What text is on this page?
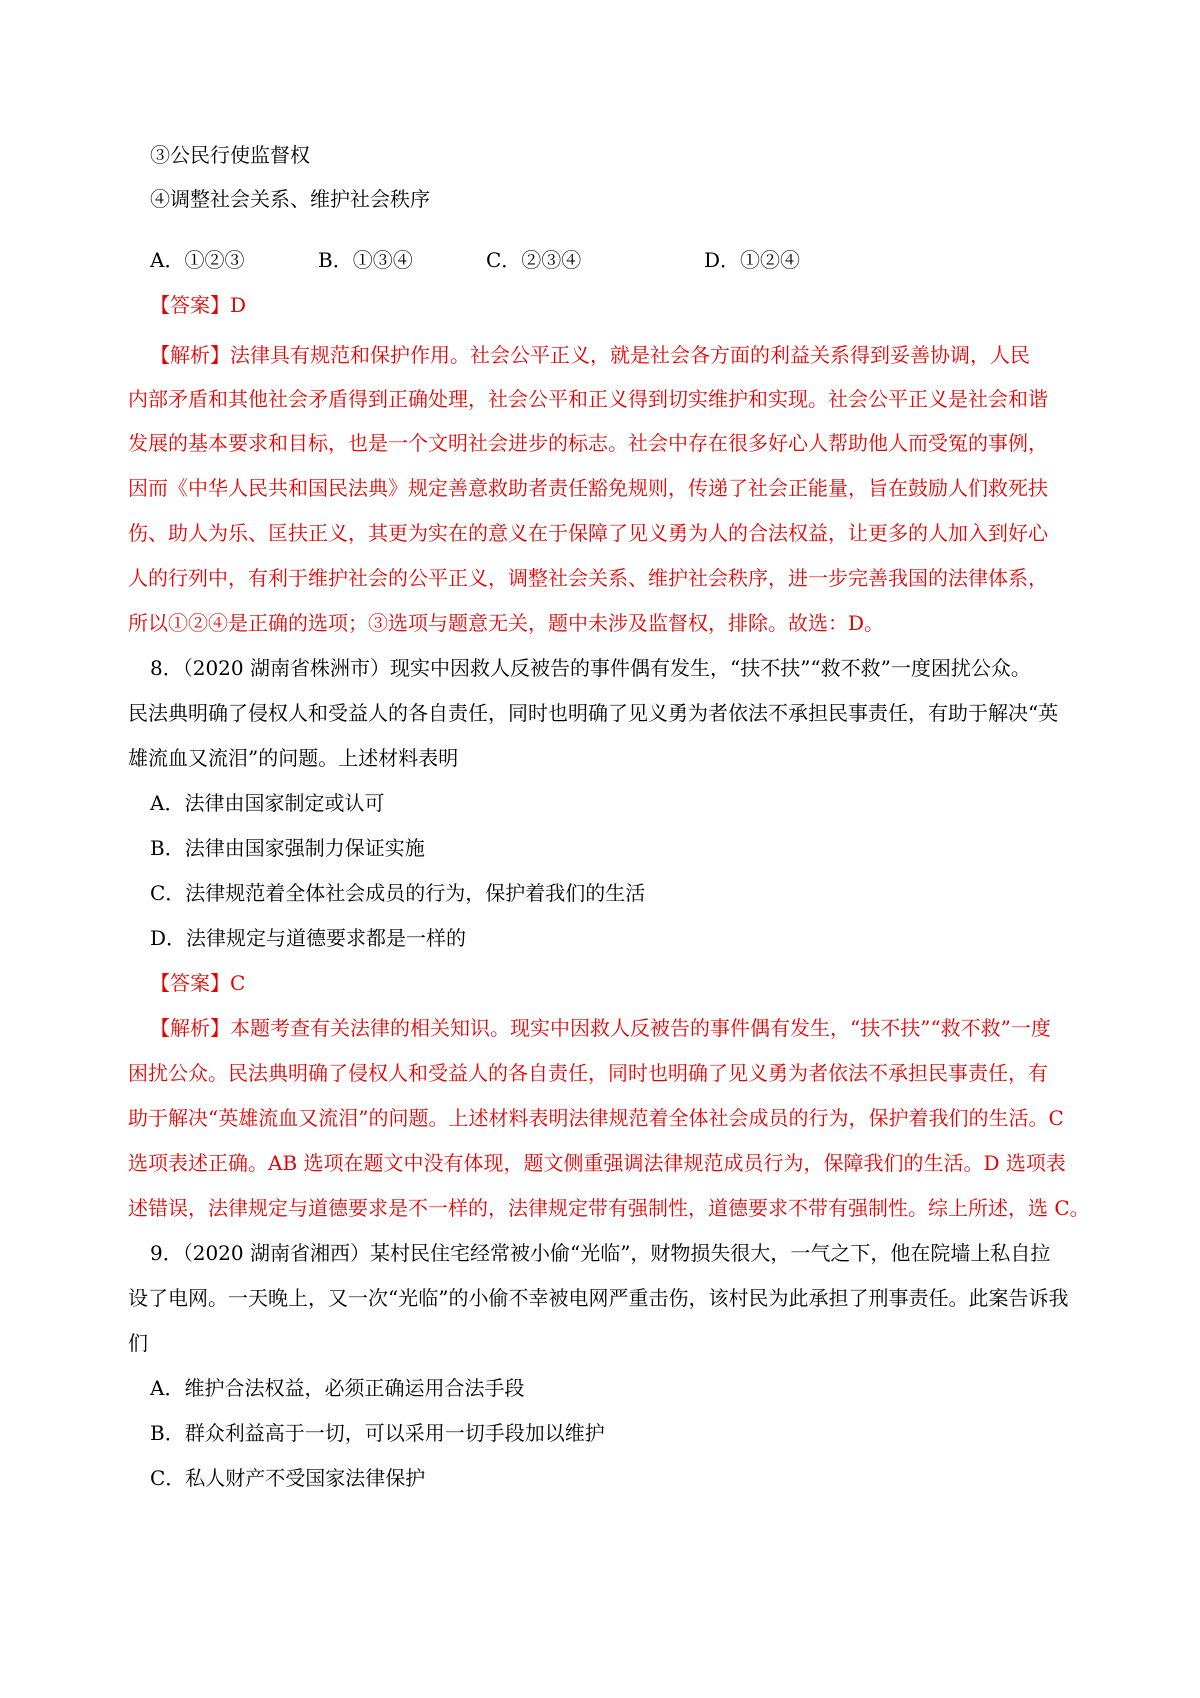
③公民行使监督权
④调整社会关系、维护社会秩序
A．①②③	B．①③④	C．②③④	D．①②④
【答案】D
【解析】法律具有规范和保护作用。社会公平正义，就是社会各方面的利益关系得到妥善协调，人民
内部矛盾和其他社会矛盾得到正确处理，社会公平和正义得到切实维护和实现。社会公平正义是社会和谐
发展的基本要求和目标，也是一个文明社会进步的标志。社会中存在很多好心人帮助他人而受冤的事例，
因而《中华人民共和国民法典》规定善意救助者责任豁免规则，传递了社会正能量，旨在鼓励人们救死扶
伤、助人为乐、匡扶正义，其更为实在的意义在于保障了见义勇为人的合法权益，让更多的人加入到好心
人的行列中，有利于维护社会的公平正义，调整社会关系、维护社会秩序，进一步完善我国的法律体系，
所以①②④是正确的选项；③选项与题意无关，题中未涉及监督权，排除。故选：D。
8．（2020 湖南省株洲市）现实中因救人反被告的事件偶有发生，“扶不扶”“救不救”一度困扰公众。
民法典明确了侵权人和受益人的各自责任，同时也明确了见义勇为者依法不承担民事责任，有助于解决“英
雄流血又流泪”的问题。上述材料表明
A．法律由国家制定或认可
B．法律由国家强制力保证实施
C．法律规范着全体社会成员的行为，保护着我们的生活
D．法律规定与道德要求都是一样的
【答案】C
【解析】本题考查有关法律的相关知识。现实中因救人反被告的事件偶有发生，“扶不扶”“救不救”一度
困扰公众。民法典明确了侵权人和受益人的各自责任，同时也明确了见义勇为者依法不承担民事责任，有
助于解决“英雄流血又流泪”的问题。上述材料表明法律规范着全体社会成员的行为，保护着我们的生活。C
选项表述正确。AB 选项在题文中没有体现，题文侧重强调法律规范成员行为，保障我们的生活。D 选项表
述错误，法律规定与道德要求是不一样的，法律规定带有强制性，道德要求不带有强制性。综上所述，选 C。
9．（2020 湖南省湘西）某村民住宅经常被小偷“光临”，财物损失很大，一气之下，他在院墙上私自拉
设了电网。一天晚上，又一次“光临”的小偷不幸被电网严重击伤，该村民为此承担了刑事责任。此案告诉我
们
A．维护合法权益，必须正确运用合法手段
B．群众利益高于一切，可以采用一切手段加以维护
C．私人财产不受国家法律保护
